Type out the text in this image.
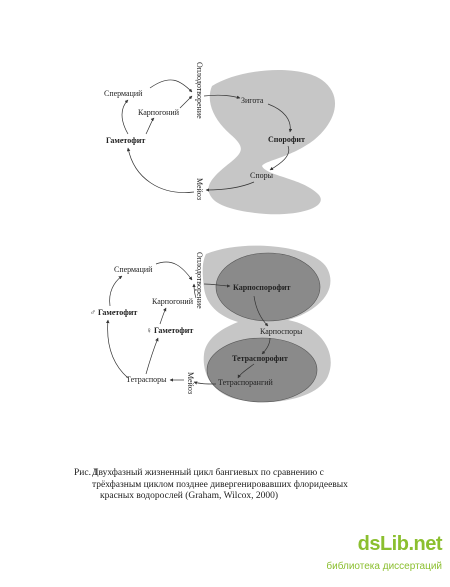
Спермаций
Карпогоний
Гаметофит
Оплодотворение	Зигота
Спорофит
Споры
Мейоз
Спермаций
♂ Гаметофит
Карпогоний
♀ Гаметофит
Тетраспоры
Оплодотворение	Карпоспорофит
Карпоспоры
Тетраспорофит
Тетраспорангий
Мейоз
Рис. 1
Двухфазный жизненный цикл бангиевых по сравнению с
трёхфазным циклом позднее дивергенировавших флоридеевых
красных водорослей (Graham, Wilcox, 2000)
dsLib.net
библиотека диссертаций
